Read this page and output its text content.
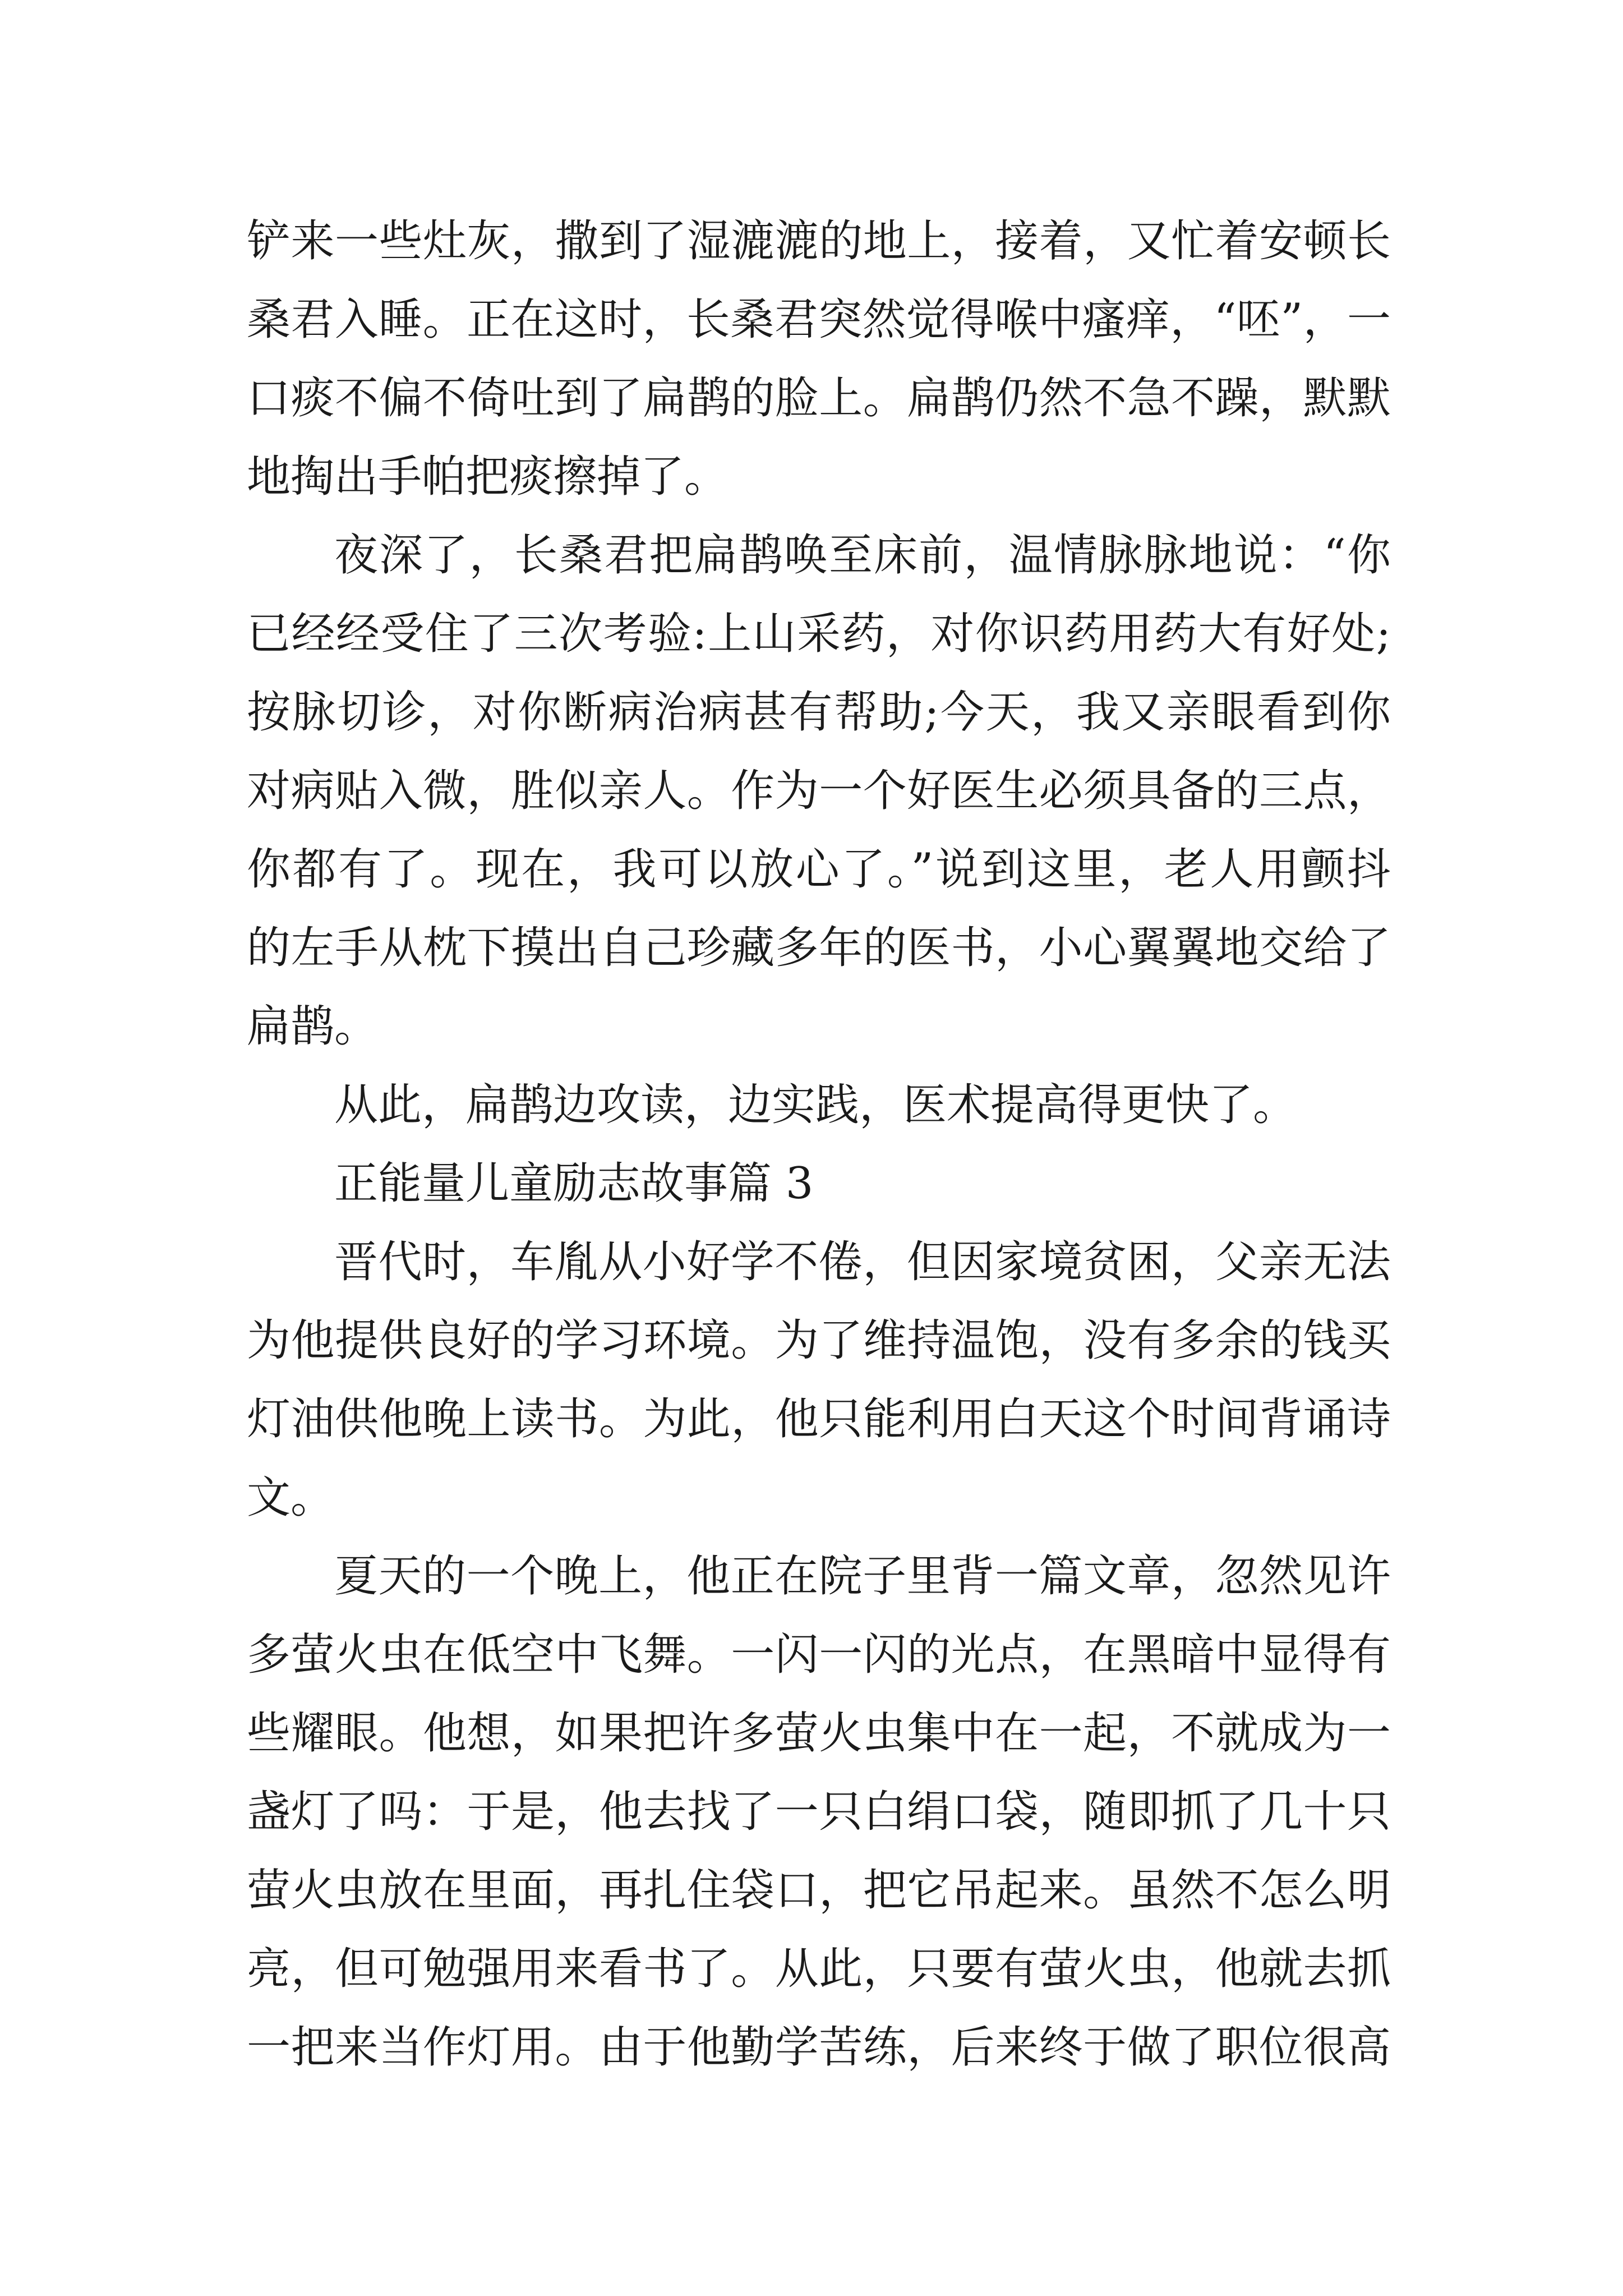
铲来一些灶灰，撒到了湿漉漉的地上，接着，又忙着安顿长
桑君入睡。正在这时，长桑君突然觉得喉中瘙痒，“呸”，一
口痰不偏不倚吐到了扁鹊的脸上。扁鹊仍然不急不躁，默默
地掏出手帕把痰擦掉了。
夜深了，长桑君把扁鹊唤至床前，温情脉脉地说：“你
已经经受住了三次考验:上山采药，对你识药用药大有好处;
按脉切诊，对你断病治病甚有帮助;今天，我又亲眼看到你
对病贴入微，胜似亲人。作为一个好医生必须具备的三点，
你都有了。现在，我可以放心了。”说到这里，老人用颤抖
的左手从枕下摸出自己珍藏多年的医书，小心翼翼地交给了
扁鹊。
从此，扁鹊边攻读，边实践，医术提高得更快了。
正能量儿童励志故事篇 3
晋代时，车胤从小好学不倦，但因家境贫困，父亲无法
为他提供良好的学习环境。为了维持温饱，没有多余的钱买
灯油供他晚上读书。为此，他只能利用白天这个时间背诵诗
文。
夏天的一个晚上，他正在院子里背一篇文章，忽然见许
多萤火虫在低空中飞舞。一闪一闪的光点，在黑暗中显得有
些耀眼。他想，如果把许多萤火虫集中在一起，不就成为一
盏灯了吗：于是，他去找了一只白绢口袋，随即抓了几十只
萤火虫放在里面，再扎住袋口，把它吊起来。虽然不怎么明
亮，但可勉强用来看书了。从此，只要有萤火虫，他就去抓
一把来当作灯用。由于他勤学苦练，后来终于做了职位很高
